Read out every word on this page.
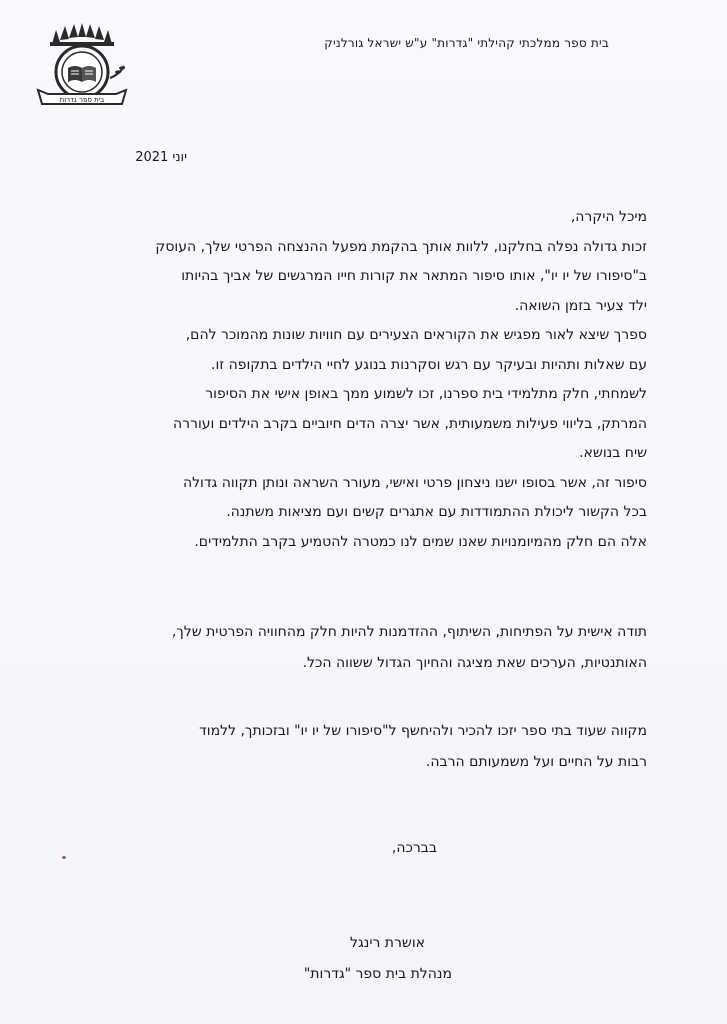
בית ספר גדרות
בית ספר ממלכתי קהילתי "גדרות" ע"ש ישראל גורלניק
יוני 2021
מיכל היקרה,
זכות גדולה נפלה בחלקנו, ללוות אותך בהקמת מפעל ההנצחה הפרטי שלך, העוסק
ב"סיפורו של יו יו", אותו סיפור המתאר את קורות חייו המרגשים של אביך בהיותו
ילד צעיר בזמן השואה.
ספרך שיצא לאור מפגיש את הקוראים הצעירים עם חוויות שונות מהמוכר להם,
עם שאלות ותהיות ובעיקר עם רגש וסקרנות בנוגע לחיי הילדים בתקופה זו.
לשמחתי, חלק מתלמידי בית ספרנו, זכו לשמוע ממך באופן אישי את הסיפור
המרתק, בליווי פעילות משמעותית, אשר יצרה הדים חיוביים בקרב הילדים ועוררה
שיח בנושא.
סיפור זה, אשר בסופו ישנו ניצחון פרטי ואישי, מעורר השראה ונותן תקווה גדולה
בכל הקשור ליכולת ההתמודדות עם אתגרים קשים ועם מציאות משתנה.
אלה הם חלק מהמיומנויות שאנו שמים לנו כמטרה להטמיע בקרב התלמידים.
תודה אישית על הפתיחות, השיתוף, ההזדמנות להיות חלק מהחוויה הפרטית שלך,
האותנטיות, הערכים שאת מציגה והחיוך הגדול ששווה הכל.
מקווה שעוד בתי ספר יזכו להכיר ולהיחשף ל"סיפורו של יו יו" ובזכותך, ללמוד
רבות על החיים ועל משמעותם הרבה.
בברכה,
אושרת רינגל
מנהלת בית ספר "גדרות"
